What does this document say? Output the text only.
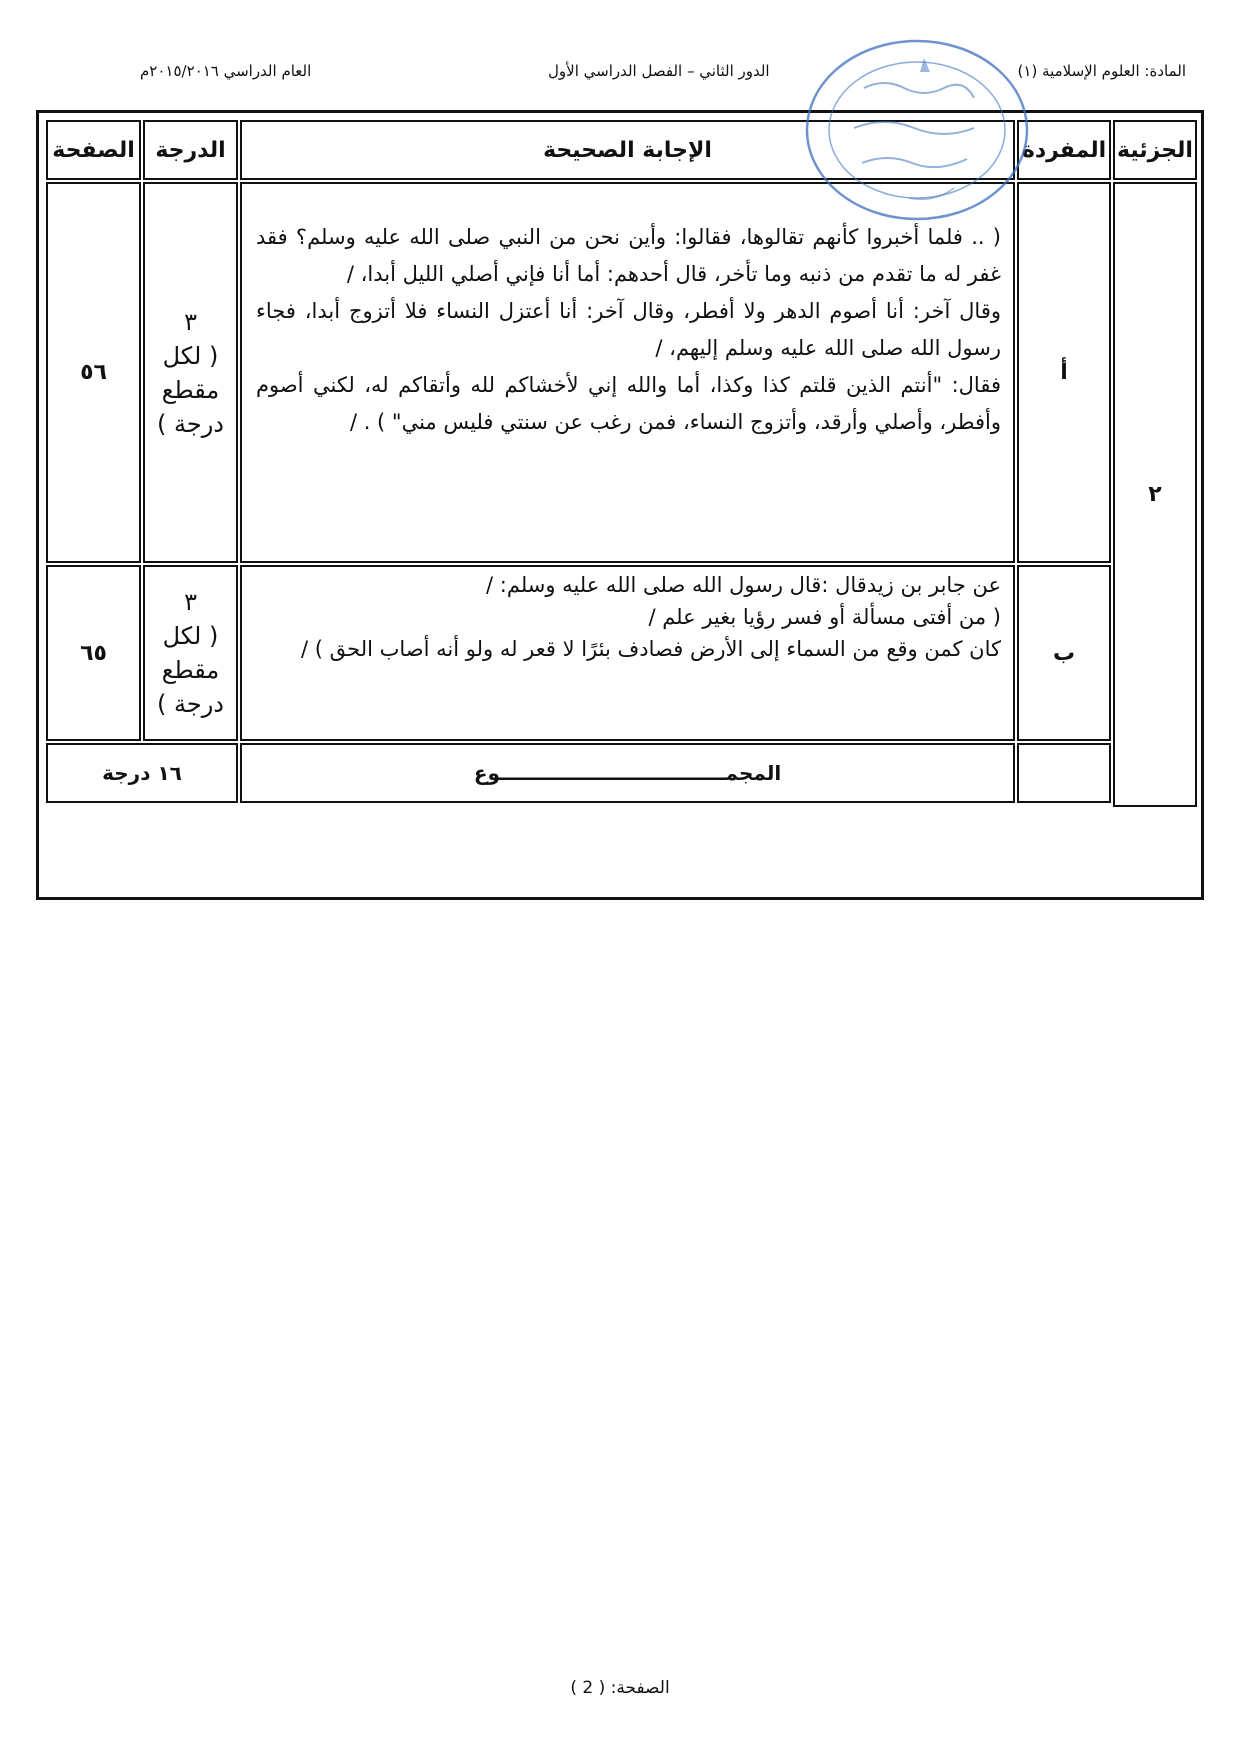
المادة: العلوم الإسلامية (١)
الدور الثاني – الفصل الدراسي الأول
العام الدراسي ٢٠١٥/٢٠١٦م
الجزئية
المفردة
الإجابة الصحيحة
الدرجة
الصفحة
٢
أ

( .. فلما أخبروا كأنهم تقالوها، فقالوا: وأين نحن من النبي صلى الله عليه وسلم؟ فقد غفر له ما تقدم من ذنبه وما تأخر، قال أحدهم: أما أنا فإني أصلي الليل أبدا، /

وقال آخر: أنا أصوم الدهر ولا أفطر، وقال آخر: أنا أعتزل النساء فلا أتزوج أبدا، فجاء رسول الله صلى الله عليه وسلم إليهم، /

فقال: "أنتم الذين قلتم كذا وكذا، أما والله إني لأخشاكم لله وأتقاكم له، لكني أصوم وأفطر، وأصلي وأرقد، وأتزوج النساء، فمن رغب عن سنتي فليس مني" ) . /

٣
( لكل مقطع درجة )
٥٦
ب

عن جابر بن زيدقال :قال رسول الله صلى الله عليه وسلم: /

( من أفتى مسألة أو فسر رؤيا بغير علم /

كان كمن وقع من السماء إلى الأرض فصادف بئرًا لا قعر له ولو أنه أصاب الحق ) /

٣
( لكل مقطع درجة )
٦٥
المجمـــــــــــــــــــــــــــــــــوع
١٦ درجة
الصفحة: ( 2 )
